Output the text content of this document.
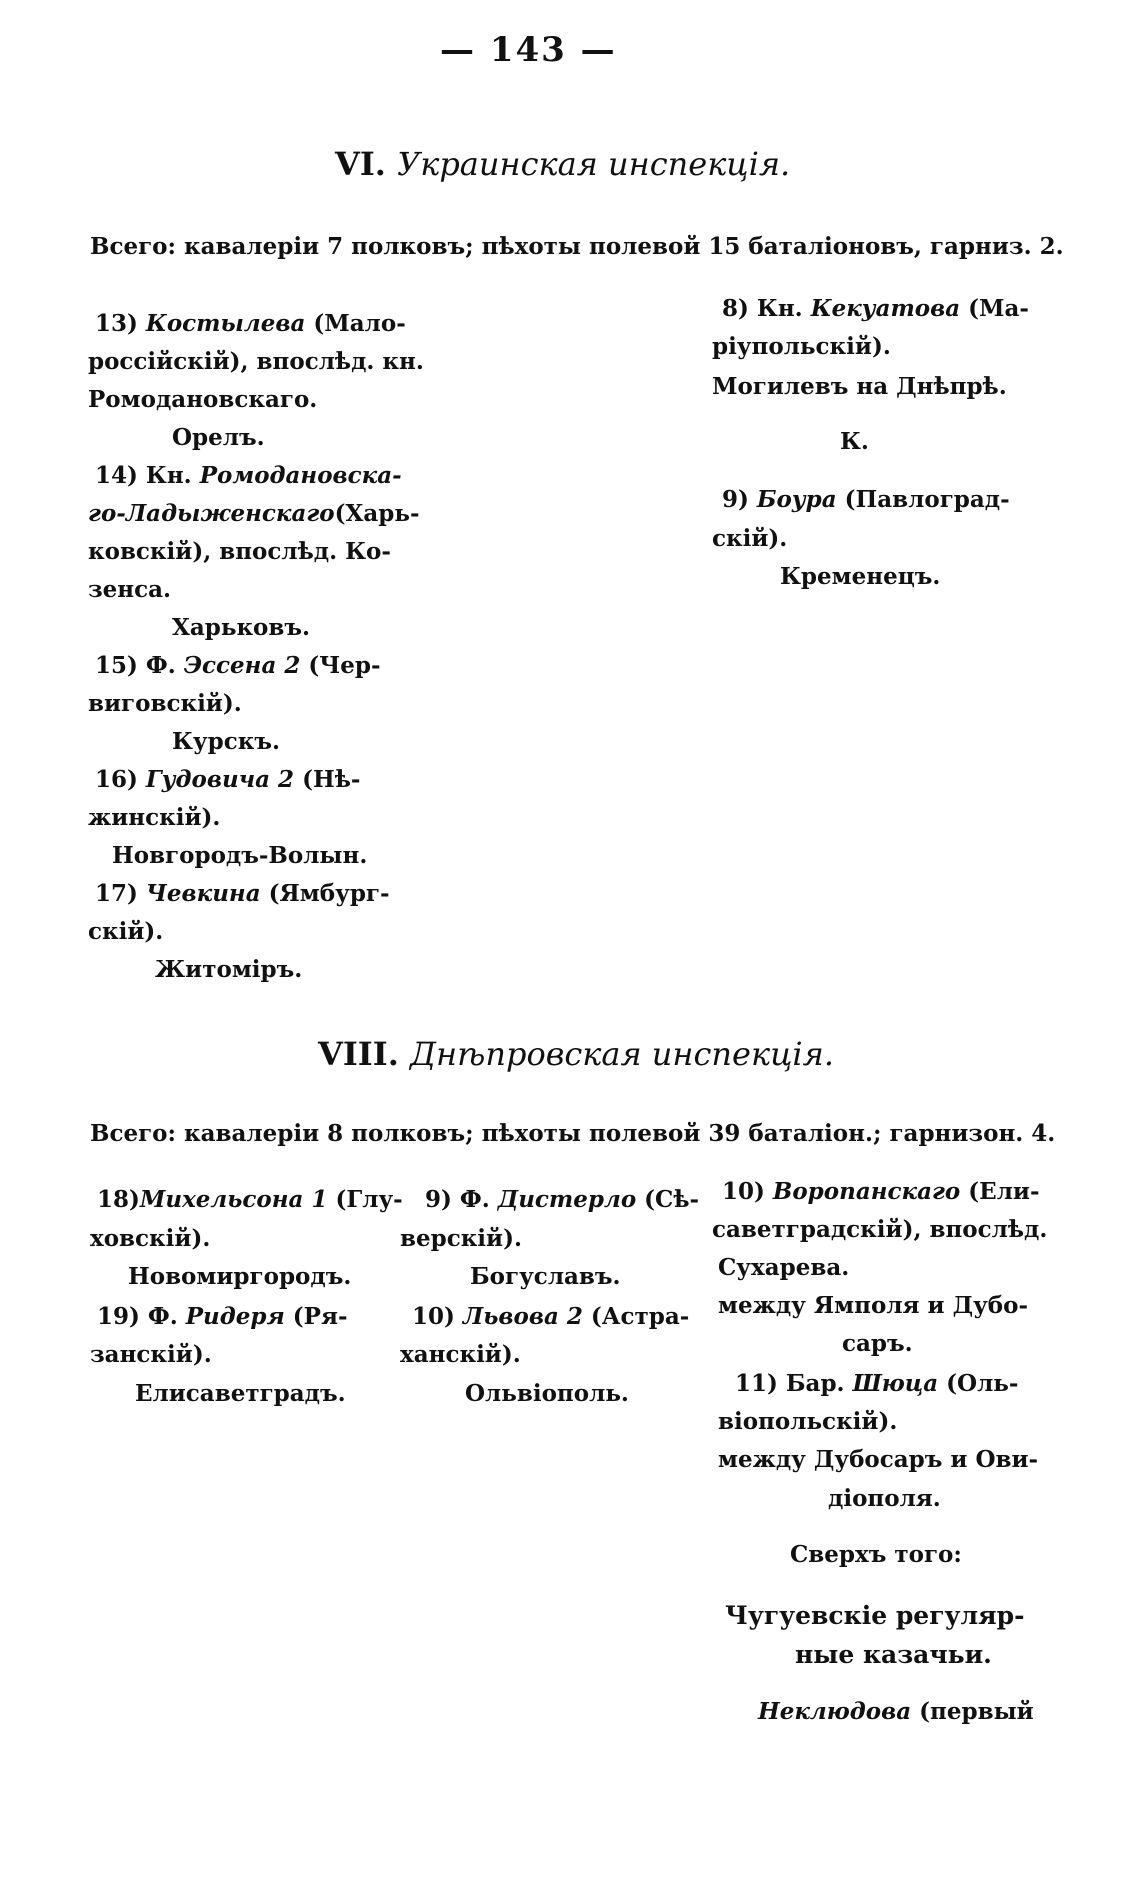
— 143 —
VI. Украинская инспекція.
Всего: кавалеріи 7 полковъ; пѣхоты полевой 15 баталіоновъ, гарниз. 2.
13) Костылева (Мало-
россійскій), впослѣд. кн.
Ромодановскаго.
Орелъ.
14) Кн. Ромодановска-
го-Ладыженскаго(Харь-
ковскій), впослѣд. Ко-
зенса.
Харьковъ.
15) Ф. Эссена 2 (Чер-
виговскій).
Курскъ.
16) Гудовича 2 (Нѣ-
жинскій).
Новгородъ-Волын.
17) Чевкина (Ямбург-
скій).
Житоміръ.
8) Кн. Кекуатова (Ма-
ріупольскій).
Могилевъ на Днѣпрѣ.
К.
9) Боура (Павлоград-
скій).
Кременецъ.
VIII. Днѣпровская инспекція.
Всего: кавалеріи 8 полковъ; пѣхоты полевой 39 баталіон.; гарнизон. 4.
18)Михельсона 1 (Глу-
ховскій).
Новомиргородъ.
19) Ф. Ридеря (Ря-
занскій).
Елисаветградъ.
9) Ф. Дистерло (Сѣ-
верскій).
Богуславъ.
10) Львова 2 (Астра-
ханскій).
Ольвіополь.
10) Воропанскаго (Ели-
саветградскій), впослѣд.
Сухарева.
между Ямполя и Дубо-
саръ.
11) Бар. Шюца (Оль-
віопольскій).
между Дубосаръ и Ови-
діополя.
Сверхъ того:
Чугуевскіе регуляр-
ные казачьи.
Неклюдова (первый
